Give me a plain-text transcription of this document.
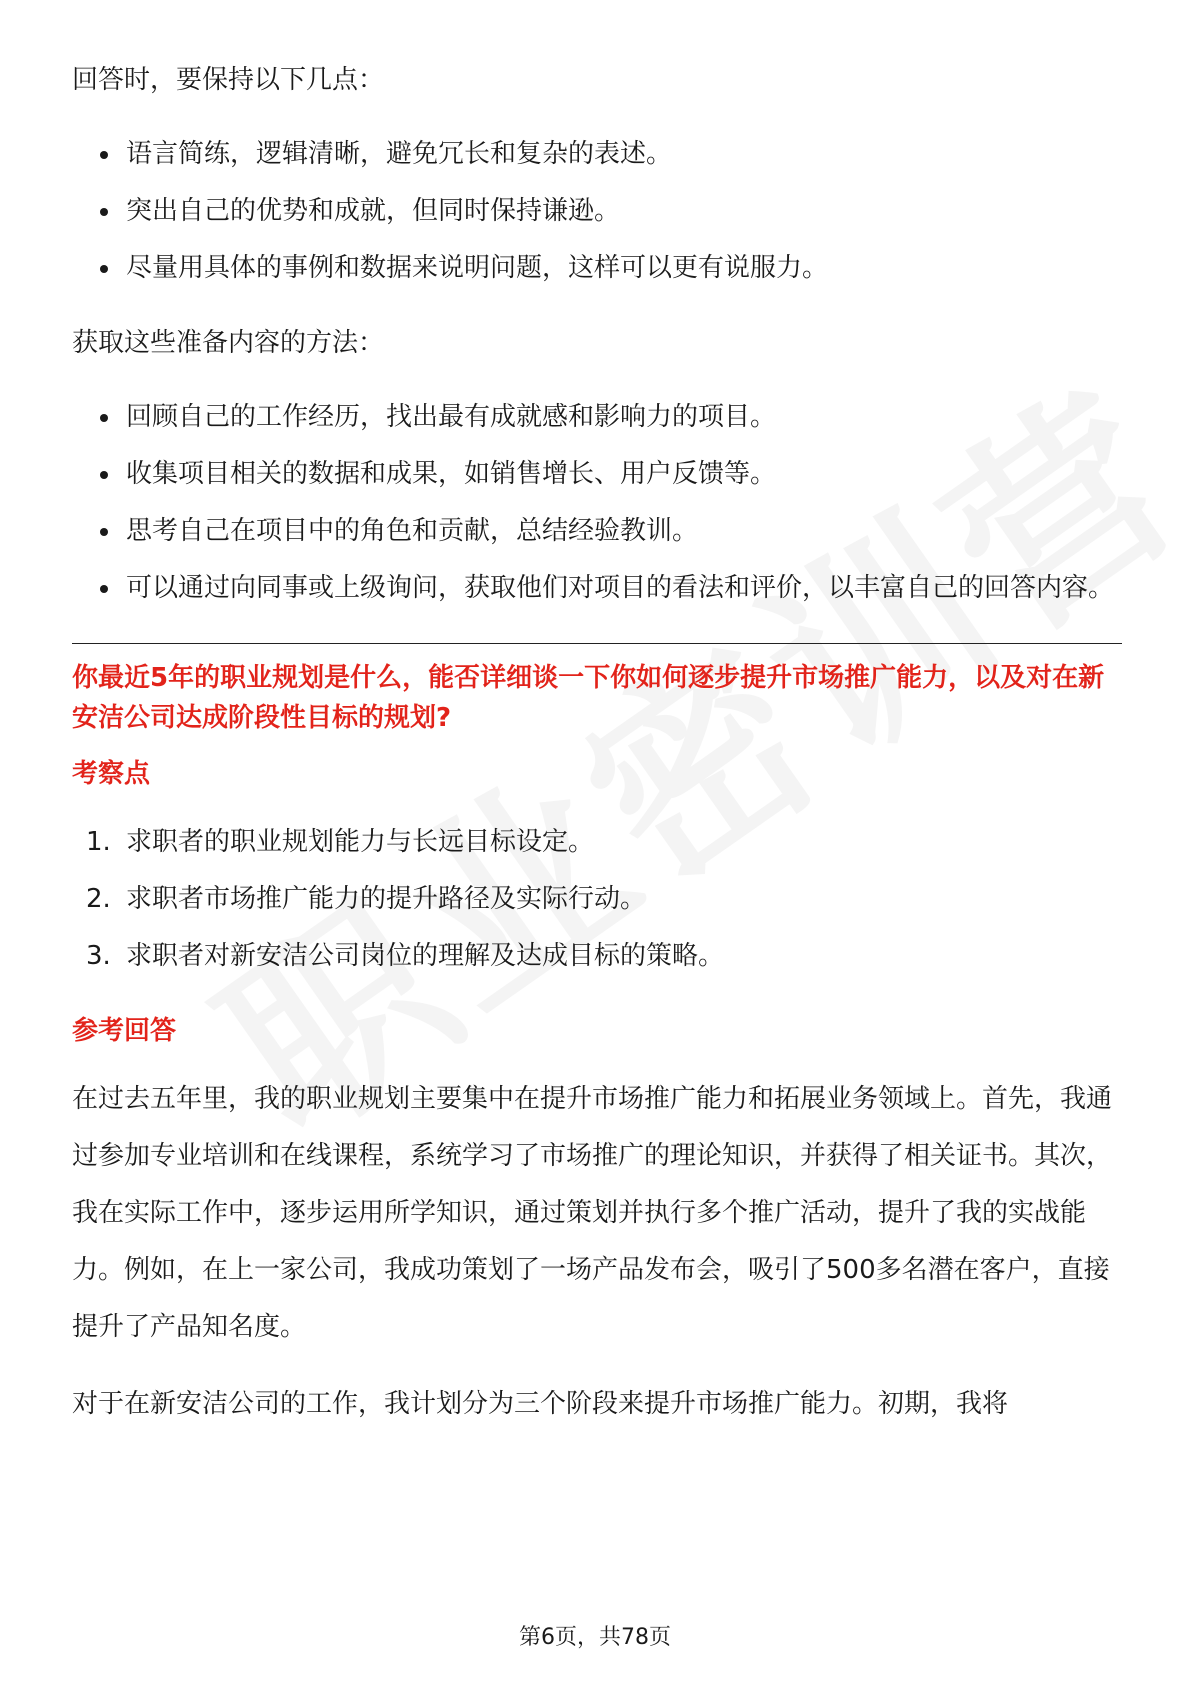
回答时，要保持以下几点：

语言简练，逻辑清晰，避免冗长和复杂的表述。
突出自己的优势和成就，但同时保持谦逊。
尽量用具体的事例和数据来说明问题，这样可以更有说服力。

获取这些准备内容的方法：

回顾自己的工作经历，找出最有成就感和影响力的项目。
收集项目相关的数据和成果，如销售增长、用户反馈等。
思考自己在项目中的角色和贡献，总结经验教训。
可以通过向同事或上级询问，获取他们对项目的看法和评价，以丰富自己的回答内容。

你最近5年的职业规划是什么，能否详细谈一下你如何逐步提升市场推广能力，以及对在新安洁公司达成阶段性目标的规划?

考察点

1. 求职者的职业规划能力与长远目标设定。
2. 求职者市场推广能力的提升路径及实际行动。
3. 求职者对新安洁公司岗位的理解及达成目标的策略。

参考回答

在过去五年里，我的职业规划主要集中在提升市场推广能力和拓展业务领域上。首先，我通过参加专业培训和在线课程，系统学习了市场推广的理论知识，并获得了相关证书。其次，我在实际工作中，逐步运用所学知识，通过策划并执行多个推广活动，提升了我的实战能力。例如，在上一家公司，我成功策划了一场产品发布会，吸引了500多名潜在客户，直接提升了产品知名度。

对于在新安洁公司的工作，我计划分为三个阶段来提升市场推广能力。初期，我将

第6页，共78页
